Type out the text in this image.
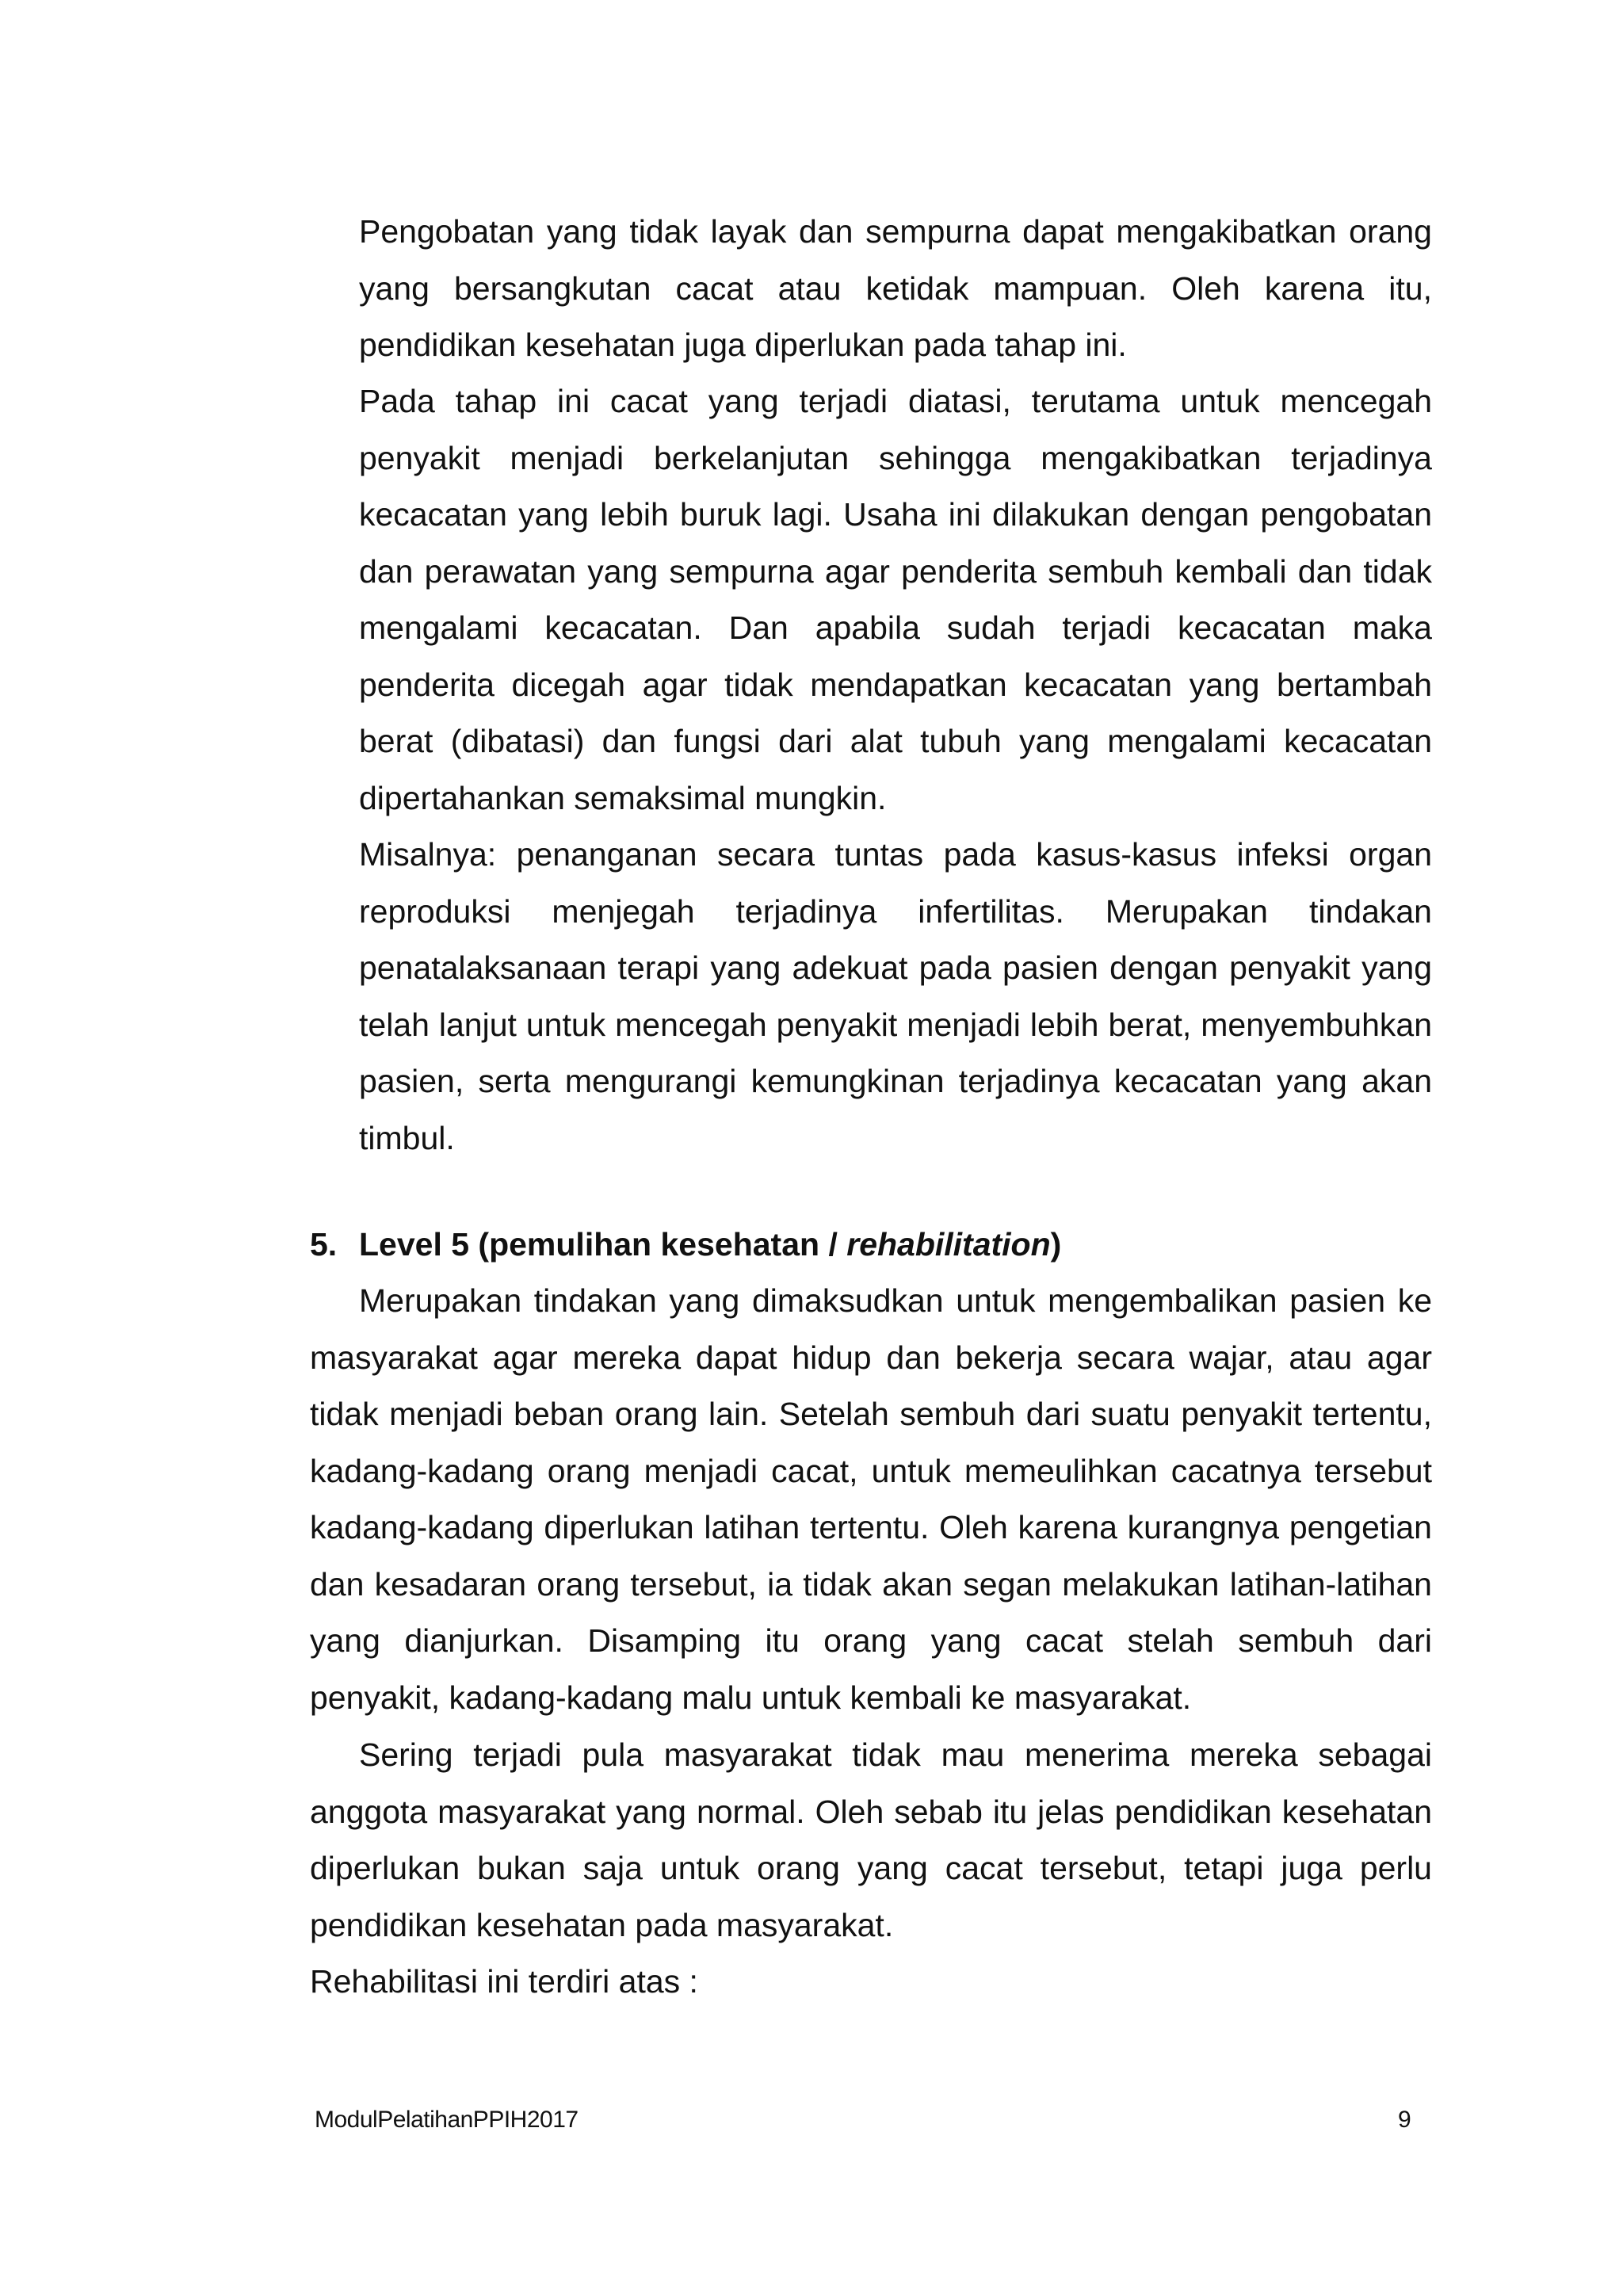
Pengobatan yang tidak layak dan sempurna dapat mengakibatkan orang yang bersangkutan cacat atau ketidak mampuan. Oleh karena itu, pendidikan kesehatan juga diperlukan pada tahap ini.

Pada tahap ini cacat yang terjadi diatasi, terutama untuk mencegah penyakit menjadi berkelanjutan sehingga mengakibatkan terjadinya kecacatan yang lebih buruk lagi. Usaha ini dilakukan dengan pengobatan dan perawatan yang sempurna agar penderita sembuh kembali dan tidak mengalami kecacatan. Dan apabila sudah terjadi kecacatan maka penderita dicegah agar tidak mendapatkan kecacatan yang bertambah berat (dibatasi) dan fungsi dari alat tubuh yang mengalami kecacatan dipertahankan semaksimal mungkin.

Misalnya: penanganan secara tuntas pada kasus-kasus infeksi organ reproduksi menjegah terjadinya infertilitas. Merupakan tindakan penatalaksanaan terapi yang adekuat pada pasien dengan penyakit yang telah lanjut untuk mencegah penyakit menjadi lebih berat, menyembuhkan pasien, serta mengurangi kemungkinan terjadinya kecacatan yang akan timbul.

5. Level 5 (pemulihan kesehatan / rehabilitation)

Merupakan tindakan yang dimaksudkan untuk mengembalikan pasien ke masyarakat agar mereka dapat hidup dan bekerja secara wajar, atau agar tidak menjadi beban orang lain. Setelah sembuh dari suatu penyakit tertentu, kadang-kadang orang menjadi cacat, untuk memeulihkan cacatnya tersebut kadang-kadang diperlukan latihan tertentu. Oleh karena kurangnya pengetian dan kesadaran orang tersebut, ia tidak akan segan melakukan latihan-latihan yang dianjurkan. Disamping itu orang yang cacat stelah sembuh dari penyakit, kadang-kadang malu untuk kembali ke masyarakat.

Sering terjadi pula masyarakat tidak mau menerima mereka sebagai anggota masyarakat yang normal. Oleh sebab itu jelas pendidikan kesehatan diperlukan bukan saja untuk orang yang cacat tersebut, tetapi juga perlu pendidikan kesehatan pada masyarakat.

Rehabilitasi ini terdiri atas :

ModulPelatihanPPIH2017	9
